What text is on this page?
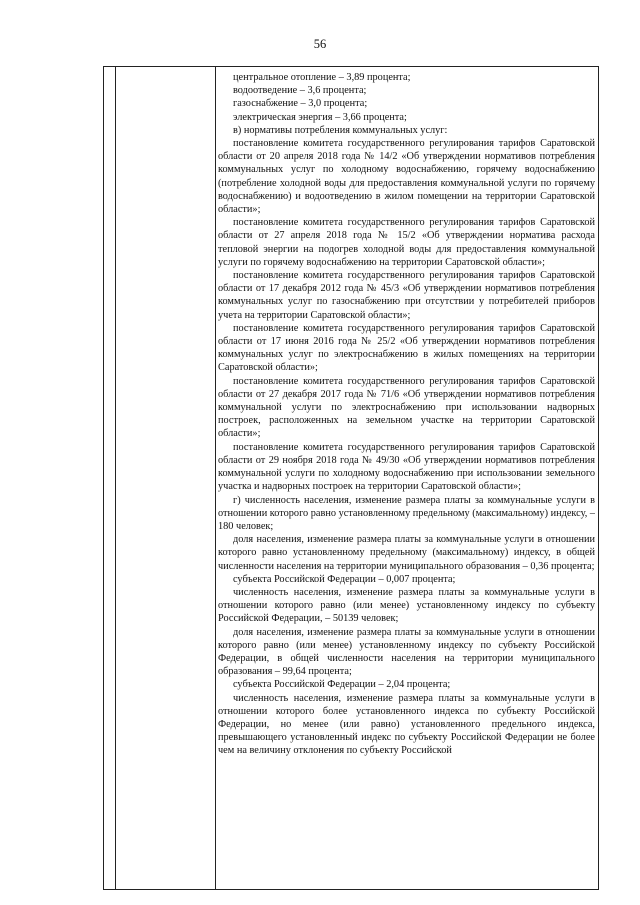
56

центральное отопление – 3,89 процента;

водоотведение – 3,6 процента;

газоснабжение – 3,0 процента;

электрическая энергия – 3,66 процента;

в) нормативы потребления коммунальных услуг:

постановление комитета государственного регулирования тарифов Саратовской области от 20 апреля 2018 года № 14/2 «Об утверждении нормативов потребления коммунальных услуг по холодному водоснабжению, горячему водоснабжению (потребление холодной воды для предоставления коммунальной услуги по горячему водоснабжению) и водоотведению в жилом помещении на территории Саратовской области»;

постановление комитета государственного регулирования тарифов Саратовской области от 27 апреля 2018 года № 15/2 «Об утверждении норматива расхода тепловой энергии на подогрев холодной воды для предоставления коммунальной услуги по горячему водоснабжению на территории Саратовской области»;

постановление комитета государственного регулирования тарифов Саратовской области от 17 декабря 2012 года № 45/3 «Об утверждении нормативов потребления коммунальных услуг по газоснабжению при отсутствии у потребителей приборов учета на территории Саратовской области»;

постановление комитета государственного регулирования тарифов Саратовской области от 17 июня 2016 года № 25/2 «Об утверждении нормативов потребления коммунальных услуг по электроснабжению в жилых помещениях на территории Саратовской области»;

постановление комитета государственного регулирования тарифов Саратовской области от 27 декабря 2017 года № 71/6 «Об утверждении нормативов потребления коммунальной услуги по электроснабжению при использовании надворных построек, расположенных на земельном участке на территории Саратовской области»;

постановление комитета государственного регулирования тарифов Саратовской области от 29 ноября 2018 года № 49/30 «Об утверждении нормативов потребления коммунальной услуги по холодному водоснабжению при использовании земельного участка и надворных построек на территории Саратовской области»;

г) численность населения, изменение размера платы за коммунальные услуги в отношении которого равно установленному предельному (максимальному) индексу, – 180 человек;

доля населения, изменение размера платы за коммунальные услуги в отношении которого равно установленному предельному (максимальному) индексу, в общей численности населения на территории муниципального образования – 0,36 процента;

субъекта Российской Федерации – 0,007 процента;

численность населения, изменение размера платы за коммунальные услуги в отношении которого равно (или менее) установленному индексу по субъекту Российской Федерации, – 50139 человек;

доля населения, изменение размера платы за коммунальные услуги в отношении которого равно (или менее) установленному индексу по субъекту Российской Федерации, в общей численности населения на территории муниципального образования – 99,64 процента;

субъекта Российской Федерации – 2,04 процента;

численность населения, изменение размера платы за коммунальные услуги в отношении которого более установленного индекса по субъекту Российской Федерации, но менее (или равно) установленного предельного индекса, превышающего установленный индекс по субъекту Российской Федерации не более чем на величину отклонения по субъекту Российской
